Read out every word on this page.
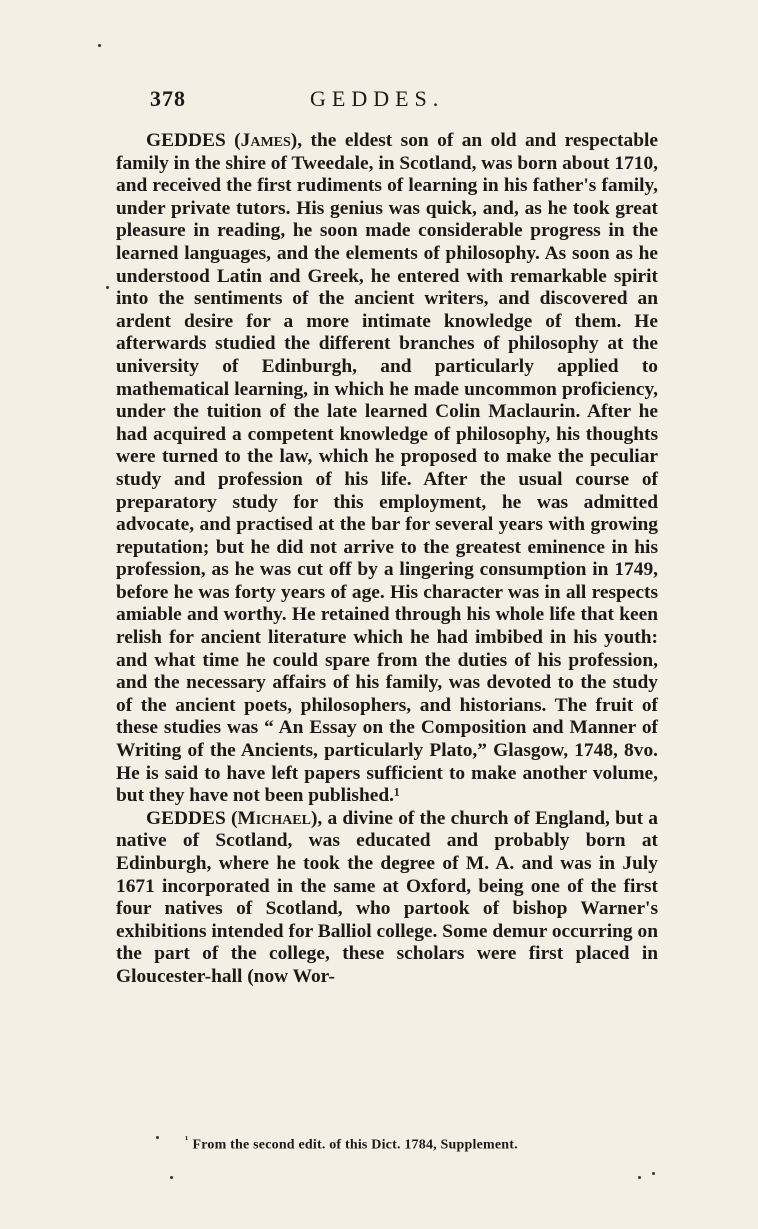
378	GEDDES.

GEDDES (James), the eldest son of an old and respectable family in the shire of Tweedale, in Scotland, was born about 1710, and received the first rudiments of learning in his father's family, under private tutors. His genius was quick, and, as he took great pleasure in reading, he soon made considerable progress in the learned languages, and the elements of philosophy. As soon as he understood Latin and Greek, he entered with remarkable spirit into the sentiments of the ancient writers, and discovered an ardent desire for a more intimate knowledge of them. He afterwards studied the different branches of philosophy at the university of Edinburgh, and particularly applied to mathematical learning, in which he made uncommon proficiency, under the tuition of the late learned Colin Maclaurin. After he had acquired a competent knowledge of philosophy, his thoughts were turned to the law, which he proposed to make the peculiar study and profession of his life. After the usual course of preparatory study for this employment, he was admitted advocate, and practised at the bar for several years with growing reputation; but he did not arrive to the greatest eminence in his profession, as he was cut off by a lingering consumption in 1749, before he was forty years of age. His character was in all respects amiable and worthy. He retained through his whole life that keen relish for ancient literature which he had imbibed in his youth: and what time he could spare from the duties of his profession, and the necessary affairs of his family, was devoted to the study of the ancient poets, philosophers, and historians. The fruit of these studies was “ An Essay on the Composition and Manner of Writing of the Ancients, particularly Plato,” Glasgow, 1748, 8vo. He is said to have left papers sufficient to make another volume, but they have not been published.¹

GEDDES (Michael), a divine of the church of England, but a native of Scotland, was educated and probably born at Edinburgh, where he took the degree of M. A. and was in July 1671 incorporated in the same at Oxford, being one of the first four natives of Scotland, who partook of bishop Warner's exhibitions intended for Balliol college. Some demur occurring on the part of the college, these scholars were first placed in Gloucester-hall (now Wor-

$^{^1}$ From the second edit. of this Dict. 1784, Supplement.
